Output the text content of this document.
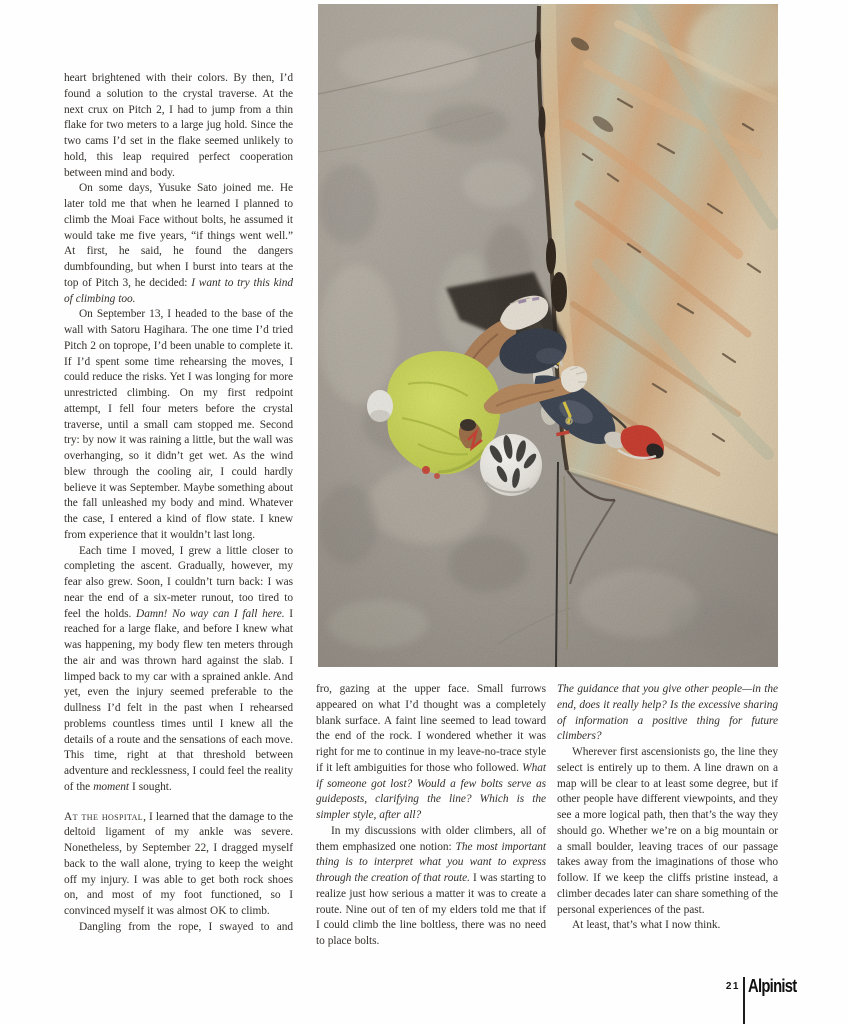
heart brightened with their colors. By then, I’d found a solution to the crystal traverse. At the next crux on Pitch 2, I had to jump from a thin flake for two meters to a large jug hold. Since the two cams I’d set in the flake seemed unlikely to hold, this leap required perfect cooperation between mind and body.

On some days, Yusuke Sato joined me. He later told me that when he learned I planned to climb the Moai Face without bolts, he assumed it would take me five years, “if things went well.” At first, he said, he found the dangers dumbfounding, but when I burst into tears at the top of Pitch 3, he decided: I want to try this kind of climbing too.

On September 13, I headed to the base of the wall with Satoru Hagihara. The one time I’d tried Pitch 2 on toprope, I’d been unable to complete it. If I’d spent some time rehearsing the moves, I could reduce the risks. Yet I was longing for more unrestricted climbing. On my first redpoint attempt, I fell four meters before the crystal traverse, until a small cam stopped me. Second try: by now it was raining a little, but the wall was overhanging, so it didn’t get wet. As the wind blew through the cooling air, I could hardly believe it was September. Maybe something about the fall unleashed my body and mind. Whatever the case, I entered a kind of flow state. I knew from experience that it wouldn’t last long.

Each time I moved, I grew a little closer to completing the ascent. Gradually, however, my fear also grew. Soon, I couldn’t turn back: I was near the end of a six-meter runout, too tired to feel the holds. Damn! No way can I fall here. I reached for a large flake, and before I knew what was happening, my body flew ten meters through the air and was thrown hard against the slab. I limped back to my car with a sprained ankle. And yet, even the injury seemed preferable to the dullness I’d felt in the past when I rehearsed problems countless times until I knew all the details of a route and the sensations of each move. This time, right at that threshold between adventure and recklessness, I could feel the reality of the moment I sought.

At the hospital, I learned that the damage to the deltoid ligament of my ankle was severe. Nonetheless, by September 22, I dragged myself back to the wall alone, trying to keep the weight off my injury. I was able to get both rock shoes on, and most of my foot functioned, so I convinced myself it was almost OK to climb.

Dangling from the rope, I swayed to and

fro, gazing at the upper face. Small furrows appeared on what I’d thought was a completely blank surface. A faint line seemed to lead toward the end of the rock. I wondered whether it was right for me to continue in my leave-no-trace style if it left ambiguities for those who followed. What if someone got lost? Would a few bolts serve as guideposts, clarifying the line? Which is the simpler style, after all?

In my discussions with older climbers, all of them emphasized one notion: The most important thing is to interpret what you want to express through the creation of that route. I was starting to realize just how serious a matter it was to create a route. Nine out of ten of my elders told me that if I could climb the line boltless, there was no need to place bolts.

The guidance that you give other people—in the end, does it really help? Is the excessive sharing of information a positive thing for future climbers?

Wherever first ascensionists go, the line they select is entirely up to them. A line drawn on a map will be clear to at least some degree, but if other people have different viewpoints, and they see a more logical path, then that’s the way they should go. Whether we’re on a big mountain or a small boulder, leaving traces of our passage takes away from the imaginations of those who follow. If we keep the cliffs pristine instead, a climber decades later can share something of the personal experiences of the past.

At least, that’s what I now think.

21 Alpinist
